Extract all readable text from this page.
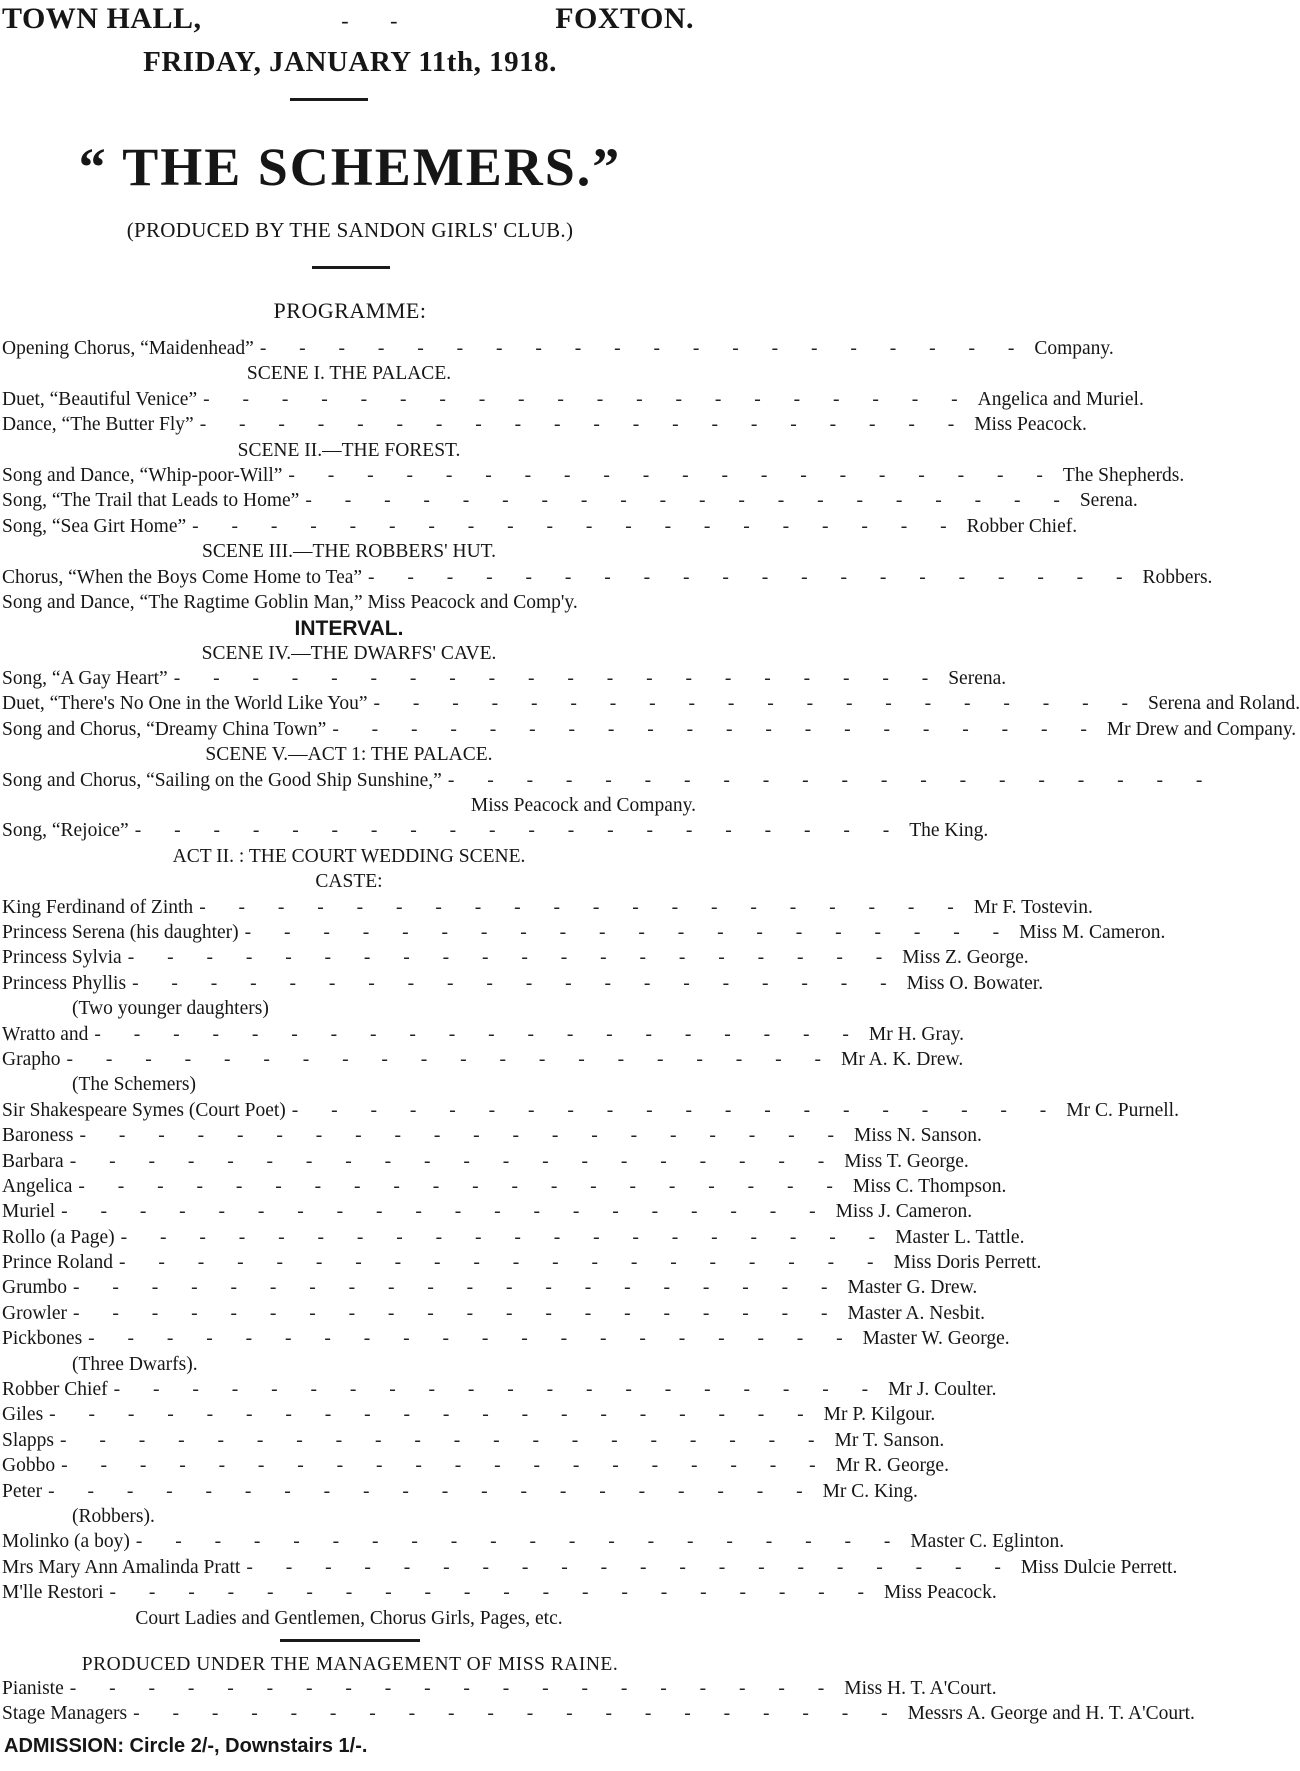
TOWN HALL,	- -	FOXTON.
FRIDAY, JANUARY 11th, 1918.
“ THE SCHEMERS.”
(PRODUCED BY THE SANDON GIRLS' CLUB.)
PROGRAMME:
Opening Chorus, “Maidenhead” - - - - - - - - - - - - - - - - - - - - Company.
SCENE I. THE PALACE.
Duet, “Beautiful Venice” - - - - - - - - - - - - - - - - - - - - Angelica and Muriel.
Dance, “The Butter Fly” - - - - - - - - - - - - - - - - - - - - Miss Peacock.
SCENE II.—THE FOREST.
Song and Dance, “Whip-poor-Will” - - - - - - - - - - - - - - - - - - - - The Shepherds.
Song, “The Trail that Leads to Home” - - - - - - - - - - - - - - - - - - - - Serena.
Song, “Sea Girt Home” - - - - - - - - - - - - - - - - - - - - Robber Chief.
SCENE III.—THE ROBBERS' HUT.
Chorus, “When the Boys Come Home to Tea” - - - - - - - - - - - - - - - - - - - - Robbers.
Song and Dance, “The Ragtime Goblin Man,” Miss Peacock and Comp'y.
INTERVAL.
SCENE IV.—THE DWARFS' CAVE.
Song, “A Gay Heart” - - - - - - - - - - - - - - - - - - - - Serena.
Duet, “There's No One in the World Like You” - - - - - - - - - - - - - - - - - - - - Serena and Roland.
Song and Chorus, “Dreamy China Town” - - - - - - - - - - - - - - - - - - - - Mr Drew and Company.
SCENE V.—ACT 1: THE PALACE.
Song and Chorus, “Sailing on the Good Ship Sunshine,” - - - - - - - - - - - - - - - - - - - -
Miss Peacock and Company.
Song, “Rejoice” - - - - - - - - - - - - - - - - - - - - The King.
ACT II. : THE COURT WEDDING SCENE.
CASTE:
King Ferdinand of Zinth - - - - - - - - - - - - - - - - - - - - Mr F. Tostevin.
Princess Serena (his daughter) - - - - - - - - - - - - - - - - - - - - Miss M. Cameron.
Princess Sylvia - - - - - - - - - - - - - - - - - - - - Miss Z. George.
Princess Phyllis - - - - - - - - - - - - - - - - - - - - Miss O. Bowater.
(Two younger daughters)
Wratto and - - - - - - - - - - - - - - - - - - - - Mr H. Gray.
Grapho - - - - - - - - - - - - - - - - - - - - Mr A. K. Drew.
(The Schemers)
Sir Shakespeare Symes (Court Poet) - - - - - - - - - - - - - - - - - - - - Mr C. Purnell.
Baroness - - - - - - - - - - - - - - - - - - - - Miss N. Sanson.
Barbara - - - - - - - - - - - - - - - - - - - - Miss T. George.
Angelica - - - - - - - - - - - - - - - - - - - - Miss C. Thompson.
Muriel - - - - - - - - - - - - - - - - - - - - Miss J. Cameron.
Rollo (a Page) - - - - - - - - - - - - - - - - - - - - Master L. Tattle.
Prince Roland - - - - - - - - - - - - - - - - - - - - Miss Doris Perrett.
Grumbo - - - - - - - - - - - - - - - - - - - - Master G. Drew.
Growler - - - - - - - - - - - - - - - - - - - - Master A. Nesbit.
Pickbones - - - - - - - - - - - - - - - - - - - - Master W. George.
(Three Dwarfs).
Robber Chief - - - - - - - - - - - - - - - - - - - - Mr J. Coulter.
Giles - - - - - - - - - - - - - - - - - - - - Mr P. Kilgour.
Slapps - - - - - - - - - - - - - - - - - - - - Mr T. Sanson.
Gobbo - - - - - - - - - - - - - - - - - - - - Mr R. George.
Peter - - - - - - - - - - - - - - - - - - - - Mr C. King.
(Robbers).
Molinko (a boy) - - - - - - - - - - - - - - - - - - - - Master C. Eglinton.
Mrs Mary Ann Amalinda Pratt - - - - - - - - - - - - - - - - - - - - Miss Dulcie Perrett.
M'lle Restori - - - - - - - - - - - - - - - - - - - - Miss Peacock.
Court Ladies and Gentlemen, Chorus Girls, Pages, etc.
PRODUCED UNDER THE MANAGEMENT OF MISS RAINE.
Pianiste - - - - - - - - - - - - - - - - - - - - Miss H. T. A'Court.
Stage Managers - - - - - - - - - - - - - - - - - - - - Messrs A. George and H. T. A'Court.
ADMISSION: Circle 2/-, Downstairs 1/-.
